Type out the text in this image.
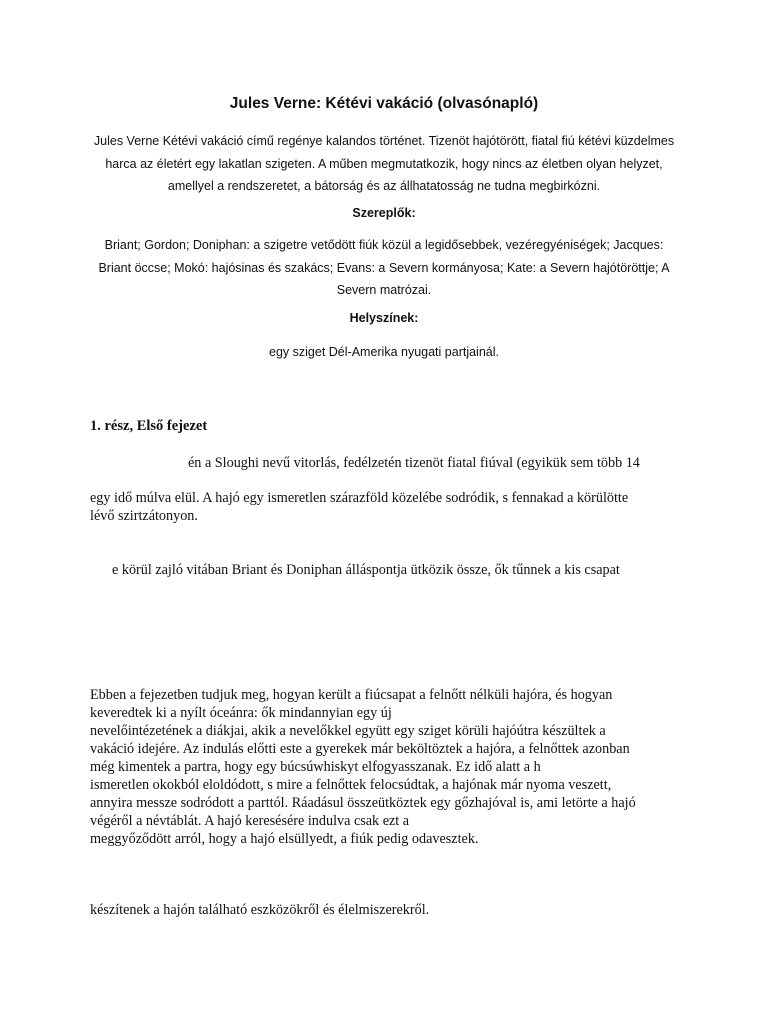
Jules Verne: Kétévi vakáció (olvasónapló)
Jules Verne Kétévi vakáció című regénye kalandos történet. Tizenöt hajótörött, fiatal fiú kétévi küzdelmes
harca az életért egy lakatlan szigeten. A műben megmutatkozik, hogy nincs az életben olyan helyzet,
amellyel a rendszeretet, a bátorság és az állhatatosság ne tudna megbirkózni.
Szereplők:
Briant; Gordon; Doniphan: a szigetre vetődött fiúk közül a legidősebbek, vezéregyéniségek; Jacques:
Briant öccse; Mokó: hajósinas és szakács; Evans: a Severn kormányosa; Kate: a Severn hajótöröttje; A
Severn matrózai.
Helyszínek:
egy sziget Dél-Amerika nyugati partjainál.
1. rész, Első fejezet
én a Sloughi nevű vitorlás, fedélzetén tizenöt fiatal fiúval (egyikük sem több 14
egy idő múlva elül. A hajó egy ismeretlen szárazföld közelébe sodródik, s fennakad a körülötte
lévő szirtzátonyon.
e körül zajló vitában Briant és Doniphan álláspontja ütközik össze, ők tűnnek a kis csapat
Ebben a fejezetben tudjuk meg, hogyan került a fiúcsapat a felnőtt nélküli hajóra, és hogyan
keveredtek ki a nyílt óceánra: ők mindannyian egy új
nevelőintézetének a diákjai, akik a nevelőkkel együtt egy sziget körüli hajóútra készültek a
vakáció idejére. Az indulás előtti este a gyerekek már beköltöztek a hajóra, a felnőttek azonban
még kimentek a partra, hogy egy búcsúwhiskyt elfogyasszanak. Ez idő alatt a h
ismeretlen okokból eloldódott, s mire a felnőttek felocsúdtak, a hajónak már nyoma veszett,
annyira messze sodródott a parttól. Ráadásul összeütköztek egy gőzhajóval is, ami letörte a hajó
végéről a névtáblát. A hajó keresésére indulva csak ezt a
meggyőződött arról, hogy a hajó elsüllyedt, a fiúk pedig odavesztek.
készítenek a hajón található eszközökről és élelmiszerekről.
